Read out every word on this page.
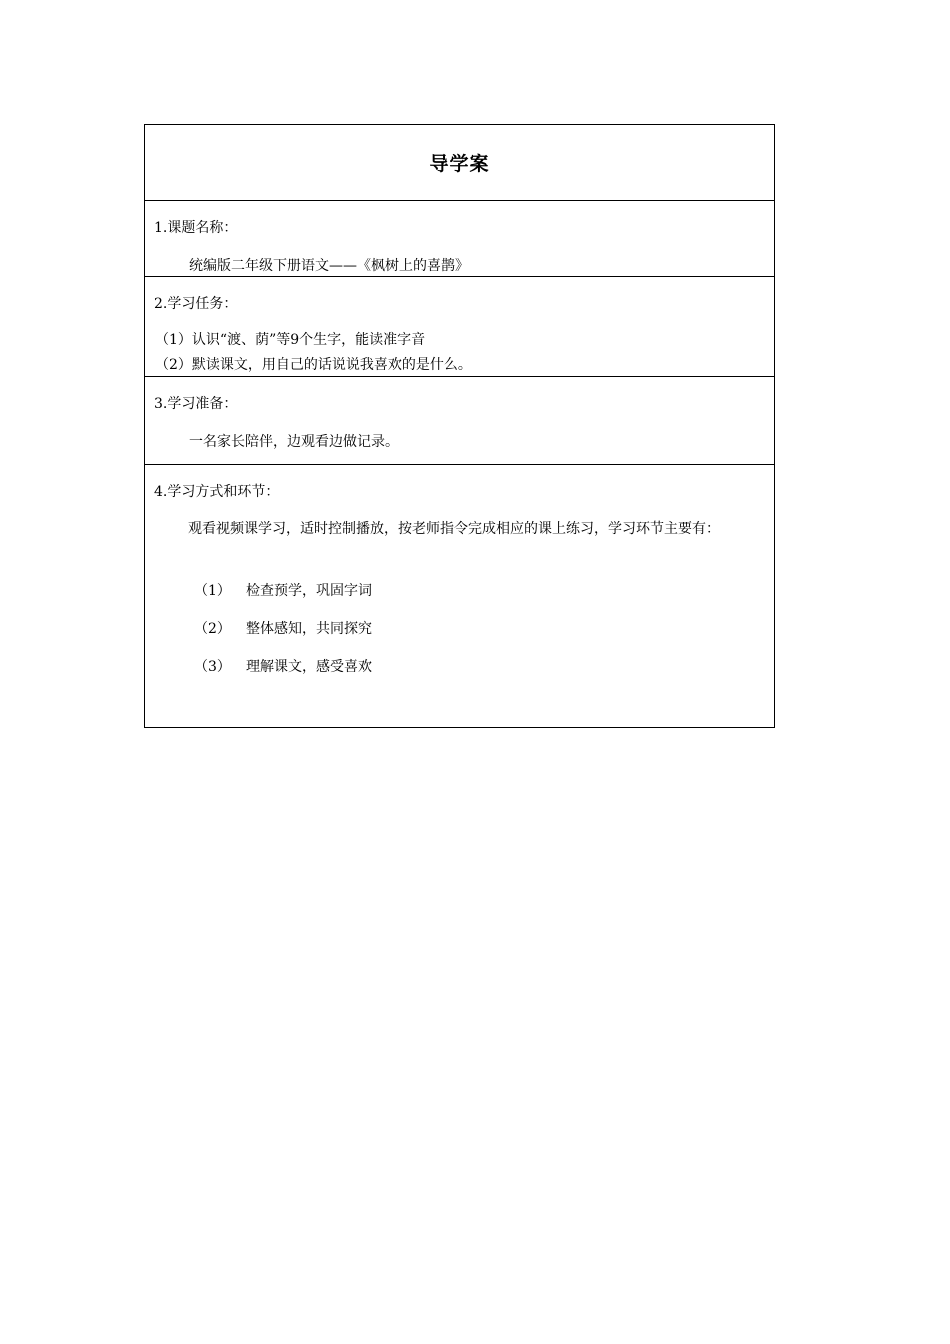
导学案
1.课题名称：
统编版二年级下册语文——《枫树上的喜鹊》
2.学习任务：
（1）认识“渡、荫”等9个生字，能读准字音
（2）默读课文，用自己的话说说我喜欢的是什么。
3.学习准备：
一名家长陪伴，边观看边做记录。
4.学习方式和环节：
观看视频课学习，适时控制播放，按老师指令完成相应的课上练习，学习环节主要有：
（1） 检查预学，巩固字词
（2） 整体感知，共同探究
（3） 理解课文，感受喜欢
